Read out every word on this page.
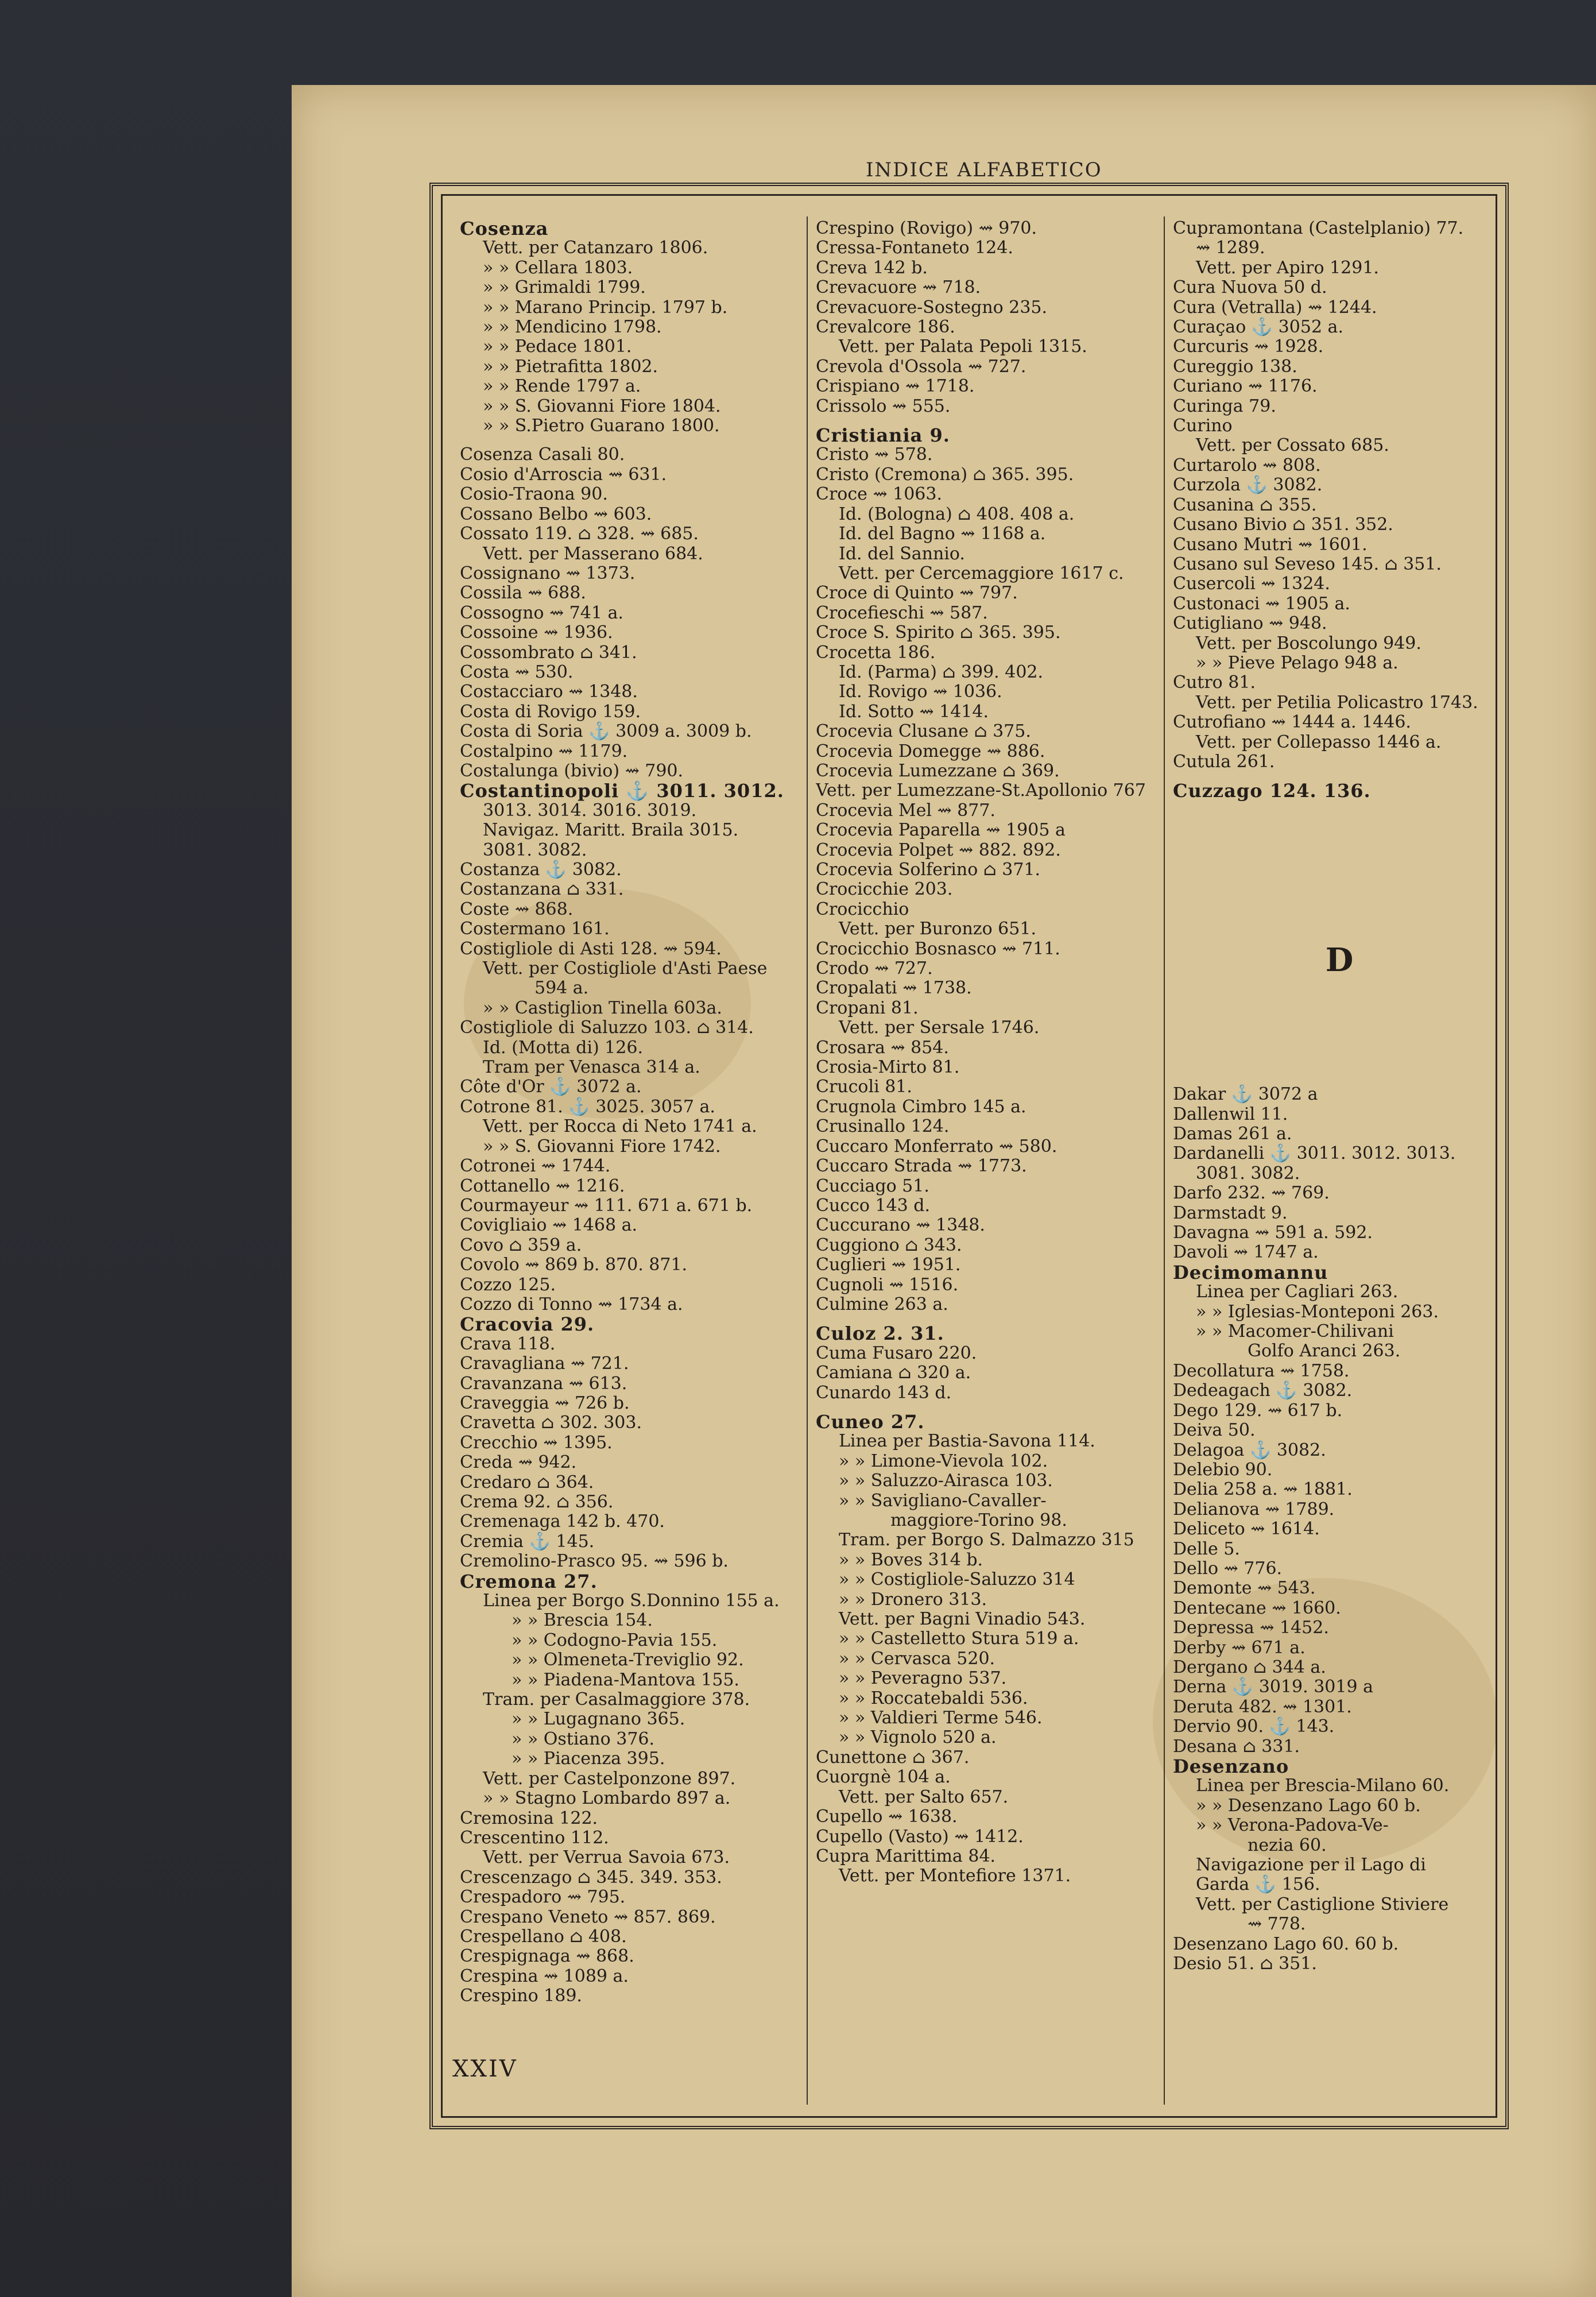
INDICE ALFABETICO
Cosenza
Vett. per Catanzaro 1806.
» » Cellara 1803.
» » Grimaldi 1799.
» » Marano Princip. 1797 b.
» » Mendicino 1798.
» » Pedace 1801.
» » Pietrafitta 1802.
» » Rende 1797 a.
» » S. Giovanni Fiore 1804.
» » S.Pietro Guarano 1800.
Cosenza Casali 80.
Cosio d'Arroscia ⇝ 631.
Cosio-Traona 90.
Cossano Belbo ⇝ 603.
Cossato 119. ⌂ 328. ⇝ 685.
Vett. per Masserano 684.
Cossignano ⇝ 1373.
Cossila ⇝ 688.
Cossogno ⇝ 741 a.
Cossoine ⇝ 1936.
Cossombrato ⌂ 341.
Costa ⇝ 530.
Costacciaro ⇝ 1348.
Costa di Rovigo 159.
Costa di Soria ⚓ 3009 a. 3009 b.
Costalpino ⇝ 1179.
Costalunga (bivio) ⇝ 790.
Costantinopoli ⚓ 3011. 3012.
3013. 3014. 3016. 3019.
Navigaz. Maritt. Braila 3015.
3081. 3082.
Costanza ⚓ 3082.
Costanzana ⌂ 331.
Coste ⇝ 868.
Costermano 161.
Costigliole di Asti 128. ⇝ 594.
Vett. per Costigliole d'Asti Paese
594 a.
» » Castiglion Tinella 603a.
Costigliole di Saluzzo 103. ⌂ 314.
Id. (Motta di) 126.
Tram per Venasca 314 a.
Côte d'Or ⚓ 3072 a.
Cotrone 81. ⚓ 3025. 3057 a.
Vett. per Rocca di Neto 1741 a.
» » S. Giovanni Fiore 1742.
Cotronei ⇝ 1744.
Cottanello ⇝ 1216.
Courmayeur ⇝ 111. 671 a. 671 b.
Covigliaio ⇝ 1468 a.
Covo ⌂ 359 a.
Covolo ⇝ 869 b. 870. 871.
Cozzo 125.
Cozzo di Tonno ⇝ 1734 a.
Cracovia 29.
Crava 118.
Cravagliana ⇝ 721.
Cravanzana ⇝ 613.
Craveggia ⇝ 726 b.
Cravetta ⌂ 302. 303.
Crecchio ⇝ 1395.
Creda ⇝ 942.
Credaro ⌂ 364.
Crema 92. ⌂ 356.
Cremenaga 142 b. 470.
Cremia ⚓ 145.
Cremolino-Prasco 95. ⇝ 596 b.
Cremona 27.
Linea per Borgo S.Donnino 155 a.
» » Brescia 154.
» » Codogno-Pavia 155.
» » Olmeneta-Treviglio 92.
» » Piadena-Mantova 155.
Tram. per Casalmaggiore 378.
» » Lugagnano 365.
» » Ostiano 376.
» » Piacenza 395.
Vett. per Castelponzone 897.
» » Stagno Lombardo 897 a.
Cremosina 122.
Crescentino 112.
Vett. per Verrua Savoia 673.
Crescenzago ⌂ 345. 349. 353.
Crespadoro ⇝ 795.
Crespano Veneto ⇝ 857. 869.
Crespellano ⌂ 408.
Crespignaga ⇝ 868.
Crespina ⇝ 1089 a.
Crespino 189.
Crespino (Rovigo) ⇝ 970.
Cressa-Fontaneto 124.
Creva 142 b.
Crevacuore ⇝ 718.
Crevacuore-Sostegno 235.
Crevalcore 186.
Vett. per Palata Pepoli 1315.
Crevola d'Ossola ⇝ 727.
Crispiano ⇝ 1718.
Crissolo ⇝ 555.
Cristiania 9.
Cristo ⇝ 578.
Cristo (Cremona) ⌂ 365. 395.
Croce ⇝ 1063.
Id. (Bologna) ⌂ 408. 408 a.
Id. del Bagno ⇝ 1168 a.
Id. del Sannio.
Vett. per Cercemaggiore 1617 c.
Croce di Quinto ⇝ 797.
Croceﬁeschi ⇝ 587.
Croce S. Spirito ⌂ 365. 395.
Crocetta 186.
Id. (Parma) ⌂ 399. 402.
Id. Rovigo ⇝ 1036.
Id. Sotto ⇝ 1414.
Crocevia Clusane ⌂ 375.
Crocevia Domegge ⇝ 886.
Crocevia Lumezzane ⌂ 369.
Vett. per Lumezzane-St.Apollonio 767
Crocevia Mel ⇝ 877.
Crocevia Paparella ⇝ 1905 a
Crocevia Polpet ⇝ 882. 892.
Crocevia Solferino ⌂ 371.
Crocicchie 203.
Crocicchio
Vett. per Buronzo 651.
Crocicchio Bosnasco ⇝ 711.
Crodo ⇝ 727.
Cropalati ⇝ 1738.
Cropani 81.
Vett. per Sersale 1746.
Crosara ⇝ 854.
Crosia-Mirto 81.
Crucoli 81.
Crugnola Cimbro 145 a.
Crusinallo 124.
Cuccaro Monferrato ⇝ 580.
Cuccaro Strada ⇝ 1773.
Cucciago 51.
Cucco 143 d.
Cuccurano ⇝ 1348.
Cuggiono ⌂ 343.
Cuglieri ⇝ 1951.
Cugnoli ⇝ 1516.
Culmine 263 a.
Culoz 2. 31.
Cuma Fusaro 220.
Camiana ⌂ 320 a.
Cunardo 143 d.
Cuneo 27.
Linea per Bastia-Savona 114.
» » Limone-Vievola 102.
» » Saluzzo-Airasca 103.
» » Savigliano-Cavaller-
maggiore-Torino 98.
Tram. per Borgo S. Dalmazzo 315
» » Boves 314 b.
» » Costigliole-Saluzzo 314
» » Dronero 313.
Vett. per Bagni Vinadio 543.
» » Castelletto Stura 519 a.
» » Cervasca 520.
» » Peveragno 537.
» » Roccatebaldi 536.
» » Valdieri Terme 546.
» » Vignolo 520 a.
Cunettone ⌂ 367.
Cuorgnè 104 a.
Vett. per Salto 657.
Cupello ⇝ 1638.
Cupello (Vasto) ⇝ 1412.
Cupra Marittima 84.
Vett. per Montefiore 1371.
Cupramontana (Castelplanio) 77.
⇝ 1289.
Vett. per Apiro 1291.
Cura Nuova 50 d.
Cura (Vetralla) ⇝ 1244.
Curaçao ⚓ 3052 a.
Curcuris ⇝ 1928.
Cureggio 138.
Curiano ⇝ 1176.
Curinga 79.
Curino
Vett. per Cossato 685.
Curtarolo ⇝ 808.
Curzola ⚓ 3082.
Cusanina ⌂ 355.
Cusano Bivio ⌂ 351. 352.
Cusano Mutri ⇝ 1601.
Cusano sul Seveso 145. ⌂ 351.
Cusercoli ⇝ 1324.
Custonaci ⇝ 1905 a.
Cutigliano ⇝ 948.
Vett. per Boscolungo 949.
» » Pieve Pelago 948 a.
Cutro 81.
Vett. per Petilia Policastro 1743.
Cutrofiano ⇝ 1444 a. 1446.
Vett. per Collepasso 1446 a.
Cutula 261.
Cuzzago 124. 136.
D
Dakar ⚓ 3072 a
Dallenwil 11.
Damas 261 a.
Dardanelli ⚓ 3011. 3012. 3013.
3081. 3082.
Darfo 232. ⇝ 769.
Darmstadt 9.
Davagna ⇝ 591 a. 592.
Davoli ⇝ 1747 a.
Decimomannu
Linea per Cagliari 263.
» » Iglesias-Monteponi 263.
» » Macomer-Chilivani
Golfo Aranci 263.
Decollatura ⇝ 1758.
Dedeagach ⚓ 3082.
Dego 129. ⇝ 617 b.
Deiva 50.
Delagoa ⚓ 3082.
Delebio 90.
Delia 258 a. ⇝ 1881.
Delianova ⇝ 1789.
Deliceto ⇝ 1614.
Delle 5.
Dello ⇝ 776.
Demonte ⇝ 543.
Dentecane ⇝ 1660.
Depressa ⇝ 1452.
Derby ⇝ 671 a.
Dergano ⌂ 344 a.
Derna ⚓ 3019. 3019 a
Deruta 482. ⇝ 1301.
Dervio 90. ⚓ 143.
Desana ⌂ 331.
Desenzano
Linea per Brescia-Milano 60.
» » Desenzano Lago 60 b.
» » Verona-Padova-Ve-
nezia 60.
Navigazione per il Lago di
Garda ⚓ 156.
Vett. per Castiglione Stiviere
⇝ 778.
Desenzano Lago 60. 60 b.
Desio 51. ⌂ 351.
XXIV
